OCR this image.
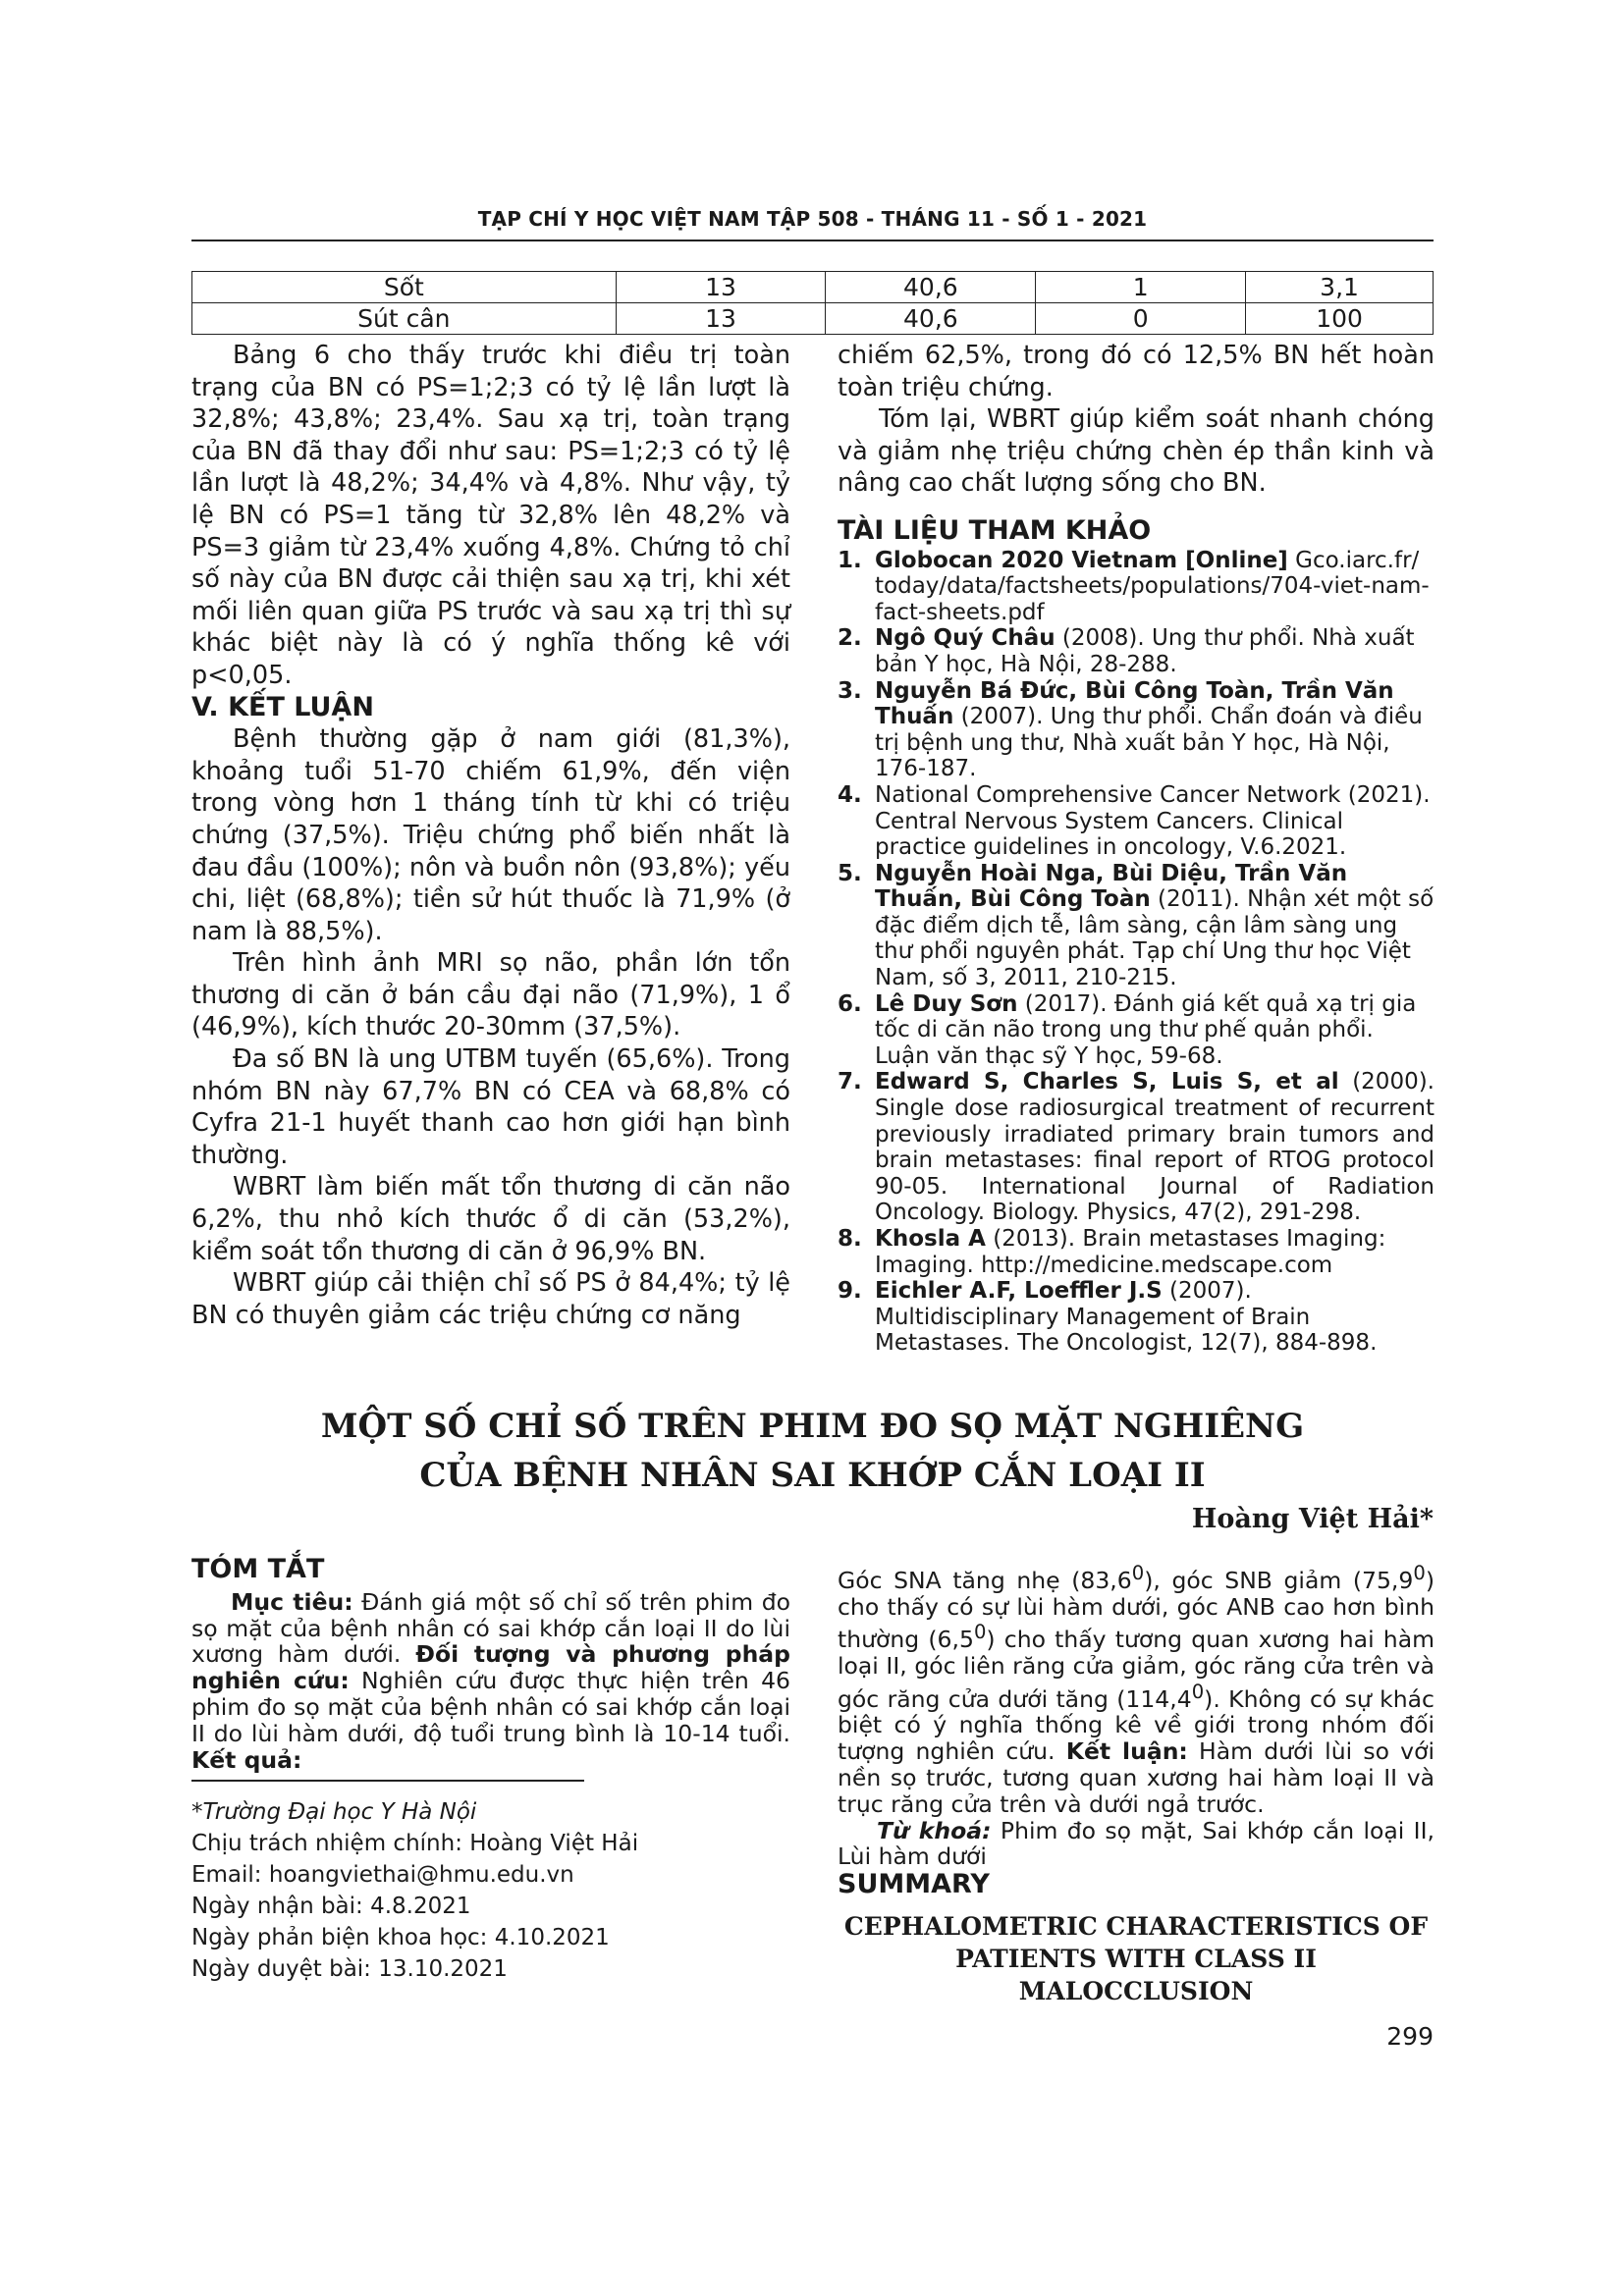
TẠP CHÍ Y HỌC VIỆT NAM TẬP 508 - THÁNG 11 - SỐ 1 - 2021
Sốt	13	40,6	1	3,1
Sút cân	13	40,6	0	100

Bảng 6 cho thấy trước khi điều trị toàn trạng của BN có PS=1;2;3 có tỷ lệ lần lượt là 32,8%; 43,8%; 23,4%. Sau xạ trị, toàn trạng của BN đã thay đổi như sau: PS=1;2;3 có tỷ lệ lần lượt là 48,2%; 34,4% và 4,8%. Như vậy, tỷ lệ BN có PS=1 tăng từ 32,8% lên 48,2% và PS=3 giảm từ 23,4% xuống 4,8%. Chứng tỏ chỉ số này của BN được cải thiện sau xạ trị, khi xét mối liên quan giữa PS trước và sau xạ trị thì sự khác biệt này là có ý nghĩa thống kê với p<0,05.

V. KẾT LUẬN

Bệnh thường gặp ở nam giới (81,3%), khoảng tuổi 51-70 chiếm 61,9%, đến viện trong vòng hơn 1 tháng tính từ khi có triệu chứng (37,5%). Triệu chứng phổ biến nhất là đau đầu (100%); nôn và buồn nôn (93,8%); yếu chi, liệt (68,8%); tiền sử hút thuốc là 71,9% (ở nam là 88,5%).

Trên hình ảnh MRI sọ não, phần lớn tổn thương di căn ở bán cầu đại não (71,9%), 1 ổ (46,9%), kích thước 20-30mm (37,5%).

Đa số BN là ung UTBM tuyến (65,6%). Trong nhóm BN này 67,7% BN có CEA và 68,8% có Cyfra 21-1 huyết thanh cao hơn giới hạn bình thường.

WBRT làm biến mất tổn thương di căn não 6,2%, thu nhỏ kích thước ổ di căn (53,2%), kiểm soát tổn thương di căn ở 96,9% BN.

WBRT giúp cải thiện chỉ số PS ở 84,4%; tỷ lệ BN có thuyên giảm các triệu chứng cơ năng

chiếm 62,5%, trong đó có 12,5% BN hết hoàn toàn triệu chứng.

Tóm lại, WBRT giúp kiểm soát nhanh chóng và giảm nhẹ triệu chứng chèn ép thần kinh và nâng cao chất lượng sống cho BN.

TÀI LIỆU THAM KHẢO

1. Globocan 2020 Vietnam [Online] Gco.iarc.fr/ today/data/factsheets/populations/704-viet-nam-fact-sheets.pdf
2. Ngô Quý Châu (2008). Ung thư phổi. Nhà xuất bản Y học, Hà Nội, 28-288.
3. Nguyễn Bá Đức, Bùi Công Toàn, Trần Văn Thuấn (2007). Ung thư phổi. Chẩn đoán và điều trị bệnh ung thư, Nhà xuất bản Y học, Hà Nội, 176-187.
4. National Comprehensive Cancer Network (2021). Central Nervous System Cancers. Clinical practice guidelines in oncology, V.6.2021.
5. Nguyễn Hoài Nga, Bùi Diệu, Trần Văn Thuấn, Bùi Công Toàn (2011). Nhận xét một số đặc điểm dịch tễ, lâm sàng, cận lâm sàng ung thư phổi nguyên phát. Tạp chí Ung thư học Việt Nam, số 3, 2011, 210-215.
6. Lê Duy Sơn (2017). Đánh giá kết quả xạ trị gia tốc di căn não trong ung thư phế quản phổi. Luận văn thạc sỹ Y học, 59-68.
7. Edward S, Charles S, Luis S, et al (2000). Single dose radiosurgical treatment of recurrent previously irradiated primary brain tumors and brain metastases: final report of RTOG protocol 90-05. International Journal of Radiation Oncology. Biology. Physics, 47(2), 291-298.
8. Khosla A (2013). Brain metastases Imaging: Imaging. http://medicine.medscape.com
9. Eichler A.F, Loeffler J.S (2007). Multidisciplinary Management of Brain Metastases. The Oncologist, 12(7), 884-898.
MỘT SỐ CHỈ SỐ TRÊN PHIM ĐO SỌ MẶT NGHIÊNG
CỦA BỆNH NHÂN SAI KHỚP CẮN LOẠI II
Hoàng Việt Hải*
TÓM TẮT

Mục tiêu: Đánh giá một số chỉ số trên phim đo sọ mặt của bệnh nhân có sai khớp cắn loại II do lùi xương hàm dưới. Đối tượng và phương pháp nghiên cứu: Nghiên cứu được thực hiện trên 46 phim đo sọ mặt của bệnh nhân có sai khớp cắn loại II do lùi hàm dưới, độ tuổi trung bình là 10-14 tuổi. Kết quả:

Góc SNA tăng nhẹ (83,6$^0$), góc SNB giảm (75,9$^0$) cho thấy có sự lùi hàm dưới, góc ANB cao hơn bình thường $(6,5^0)$ cho thấy tương quan xương hai hàm loại II, góc liên răng cửa giảm, góc răng cửa trên và góc răng cửa dưới tăng (114,4$^0$). Không có sự khác biệt có ý nghĩa thống kê về giới trong nhóm đối tượng nghiên cứu. Kết luận: Hàm dưới lùi so với nền sọ trước, tương quan xương hai hàm loại II và trục răng cửa trên và dưới ngả trước.

Từ khoá: Phim đo sọ mặt, Sai khớp cắn loại II, Lùi hàm dưới

*Trường Đại học Y Hà Nội
Chịu trách nhiệm chính: Hoàng Việt Hải
Email: hoangviethai@hmu.edu.vn
Ngày nhận bài: 4.8.2021
Ngày phản biện khoa học: 4.10.2021
Ngày duyệt bài: 13.10.2021
SUMMARY
CEPHALOMETRIC CHARACTERISTICS OF
PATIENTS WITH CLASS II MALOCCLUSION
299
